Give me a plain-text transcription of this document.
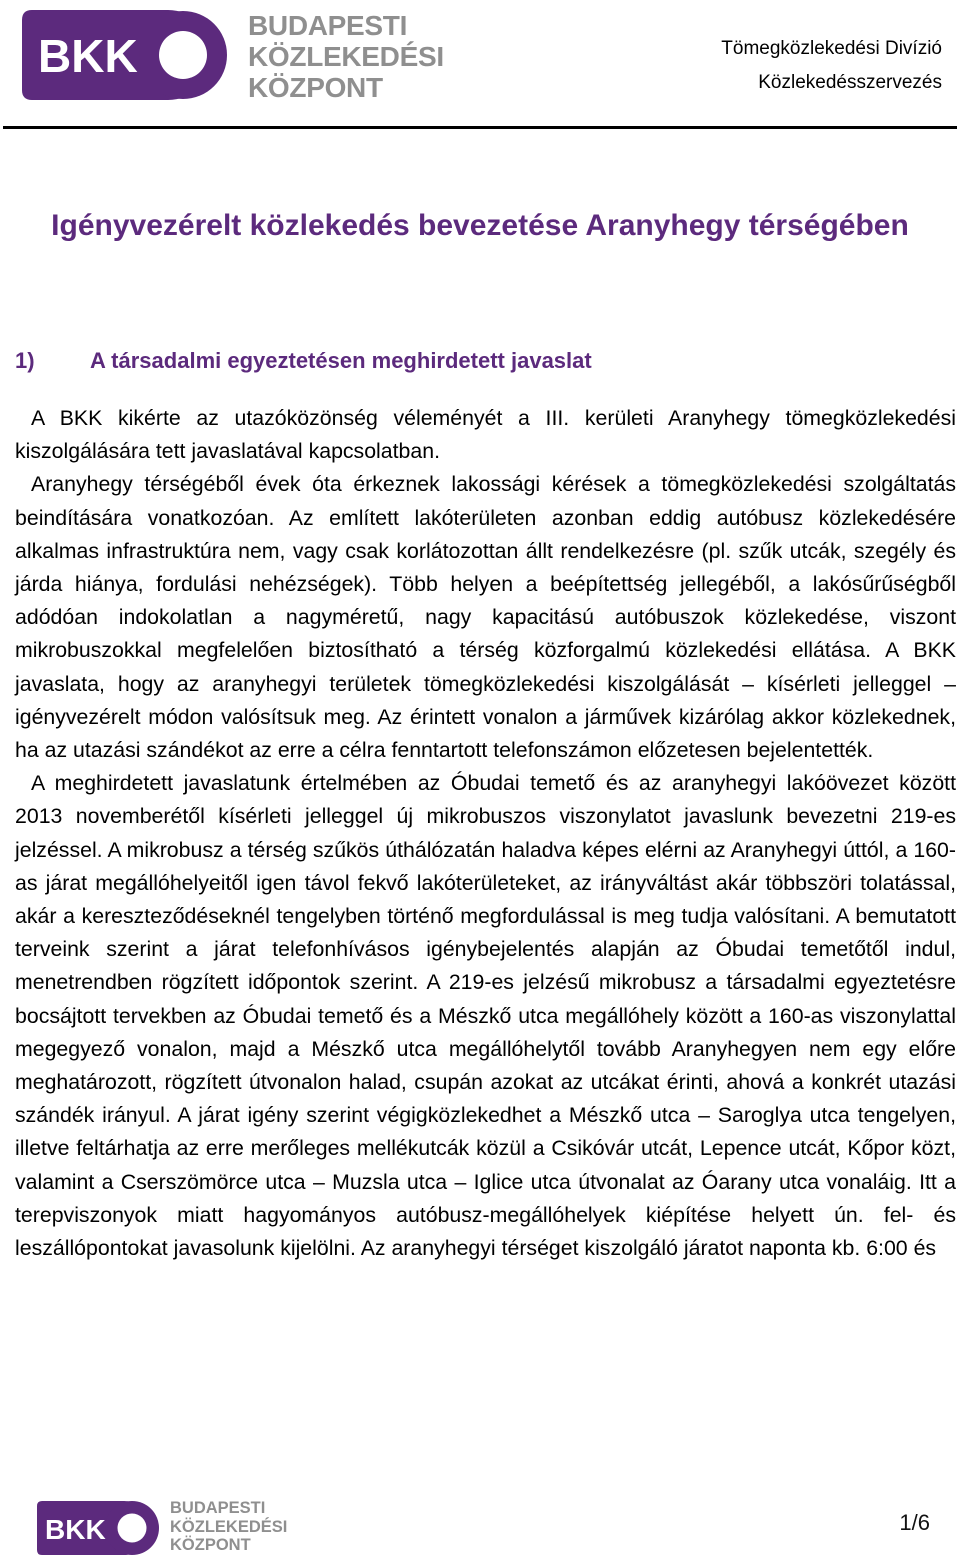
BKK
BUDAPESTI
KÖZLEKEDÉSI
KÖZPONT
Tömegközlekedési Divízió
Közlekedésszervezés
Igényvezérelt közlekedés bevezetése Aranyhegy térségében
1)	A társadalmi egyeztetésen meghirdetett javaslat

A BKK kikérte az utazóközönség véleményét a III. kerületi Aranyhegy tömegközlekedési kiszolgálására tett javaslatával kapcsolatban.

Aranyhegy térségéből évek óta érkeznek lakossági kérések a tömegközlekedési szolgáltatás beindítására vonatkozóan. Az említett lakóterületen azonban eddig autóbusz közlekedésére alkalmas infrastruktúra nem, vagy csak korlátozottan állt rendelkezésre (pl. szűk utcák, szegély és járda hiánya, fordulási nehézségek). Több helyen a beépítettség jellegéből, a lakósűrűségből adódóan indokolatlan a nagyméretű, nagy kapacitású autóbuszok közlekedése, viszont mikrobuszokkal megfelelően biztosítható a térség közforgalmú közlekedési ellátása. A BKK javaslata, hogy az aranyhegyi területek tömegközlekedési kiszolgálását – kísérleti jelleggel – igényvezérelt módon valósítsuk meg. Az érintett vonalon a járművek kizárólag akkor közlekednek, ha az utazási szándékot az erre a célra fenntartott telefonszámon előzetesen bejelentették.

A meghirdetett javaslatunk értelmében az Óbudai temető és az aranyhegyi lakóövezet között 2013 novemberétől kísérleti jelleggel új mikrobuszos viszonylatot javaslunk bevezetni 219-es jelzéssel. A mikrobusz a térség szűkös úthálózatán haladva képes elérni az Aranyhegyi úttól, a 160-as járat megállóhelyeitől igen távol fekvő lakóterületeket, az irányváltást akár többszöri tolatással, akár a kereszteződéseknél tengelyben történő megfordulással is meg tudja valósítani. A bemutatott terveink szerint a járat telefonhívásos igénybejelentés alapján az Óbudai temetőtől indul, menetrendben rögzített időpontok szerint. A 219-es jelzésű mikrobusz a társadalmi egyeztetésre bocsájtott tervekben az Óbudai temető és a Mészkő utca megállóhely között a 160-as viszonylattal megegyező vonalon, majd a Mészkő utca megállóhelytől tovább Aranyhegyen nem egy előre meghatározott, rögzített útvonalon halad, csupán azokat az utcákat érinti, ahová a konkrét utazási szándék irányul. A járat igény szerint végigközlekedhet a Mészkő utca – Saroglya utca tengelyen, illetve feltárhatja az erre merőleges mellékutcák közül a Csikóvár utcát, Lepence utcát, Kőpor közt, valamint a Cserszömörce utca – Muzsla utca – Iglice utca útvonalat az Óarany utca vonaláig. Itt a terepviszonyok miatt hagyományos autóbusz-megállóhelyek kiépítése helyett ún. fel- és leszállópontokat javasolunk kijelölni. Az aranyhegyi térséget kiszolgáló járatot naponta kb. 6:00 és

BKK
BUDAPESTI
KÖZLEKEDÉSI
KÖZPONT
1/6
